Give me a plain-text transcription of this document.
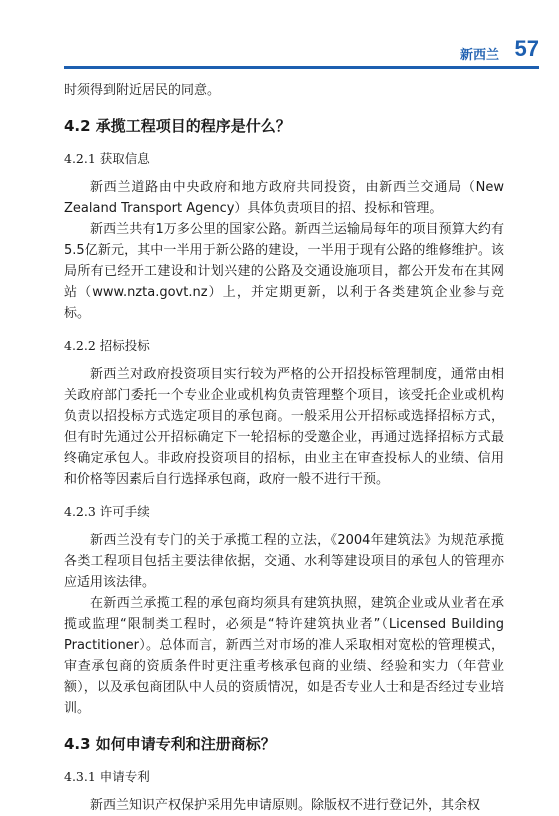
新西兰 57

时须得到附近居民的同意。

4.2 承揽工程项目的程序是什么？
4.2.1 获取信息

新西兰道路由中央政府和地方政府共同投资，由新西兰交通局（New Zealand Transport Agency）具体负责项目的招、投标和管理。

新西兰共有1万多公里的国家公路。新西兰运输局每年的项目预算大约有5.5亿新元，其中一半用于新公路的建设，一半用于现有公路的维修维护。该局所有已经开工建设和计划兴建的公路及交通设施项目，都公开发布在其网站（www.nzta.govt.nz）上，并定期更新，以利于各类建筑企业参与竞标。

4.2.2 招标投标

新西兰对政府投资项目实行较为严格的公开招投标管理制度，通常由相关政府部门委托一个专业企业或机构负责管理整个项目，该受托企业或机构负责以招投标方式选定项目的承包商。一般采用公开招标或选择招标方式，但有时先通过公开招标确定下一轮招标的受邀企业，再通过选择招标方式最终确定承包人。非政府投资项目的招标，由业主在审查投标人的业绩、信用和价格等因素后自行选择承包商，政府一般不进行干预。

4.2.3 许可手续

新西兰没有专门的关于承揽工程的立法，《2004年建筑法》为规范承揽各类工程项目包括主要法律依据，交通、水利等建设项目的承包人的管理亦应适用该法律。

在新西兰承揽工程的承包商均须具有建筑执照，建筑企业或从业者在承揽或监理“限制类工程时，必须是“特许建筑执业者”（Licensed Building Practitioner）。总体而言，新西兰对市场的准人采取相对宽松的管理模式，审查承包商的资质条件时更注重考核承包商的业绩、经验和实力（年营业额），以及承包商团队中人员的资质情况，如是否专业人士和是否经过专业培训。

4.3 如何申请专利和注册商标？
4.3.1 申请专利

新西兰知识产权保护采用先申请原则。除版权不进行登记外，其余权
